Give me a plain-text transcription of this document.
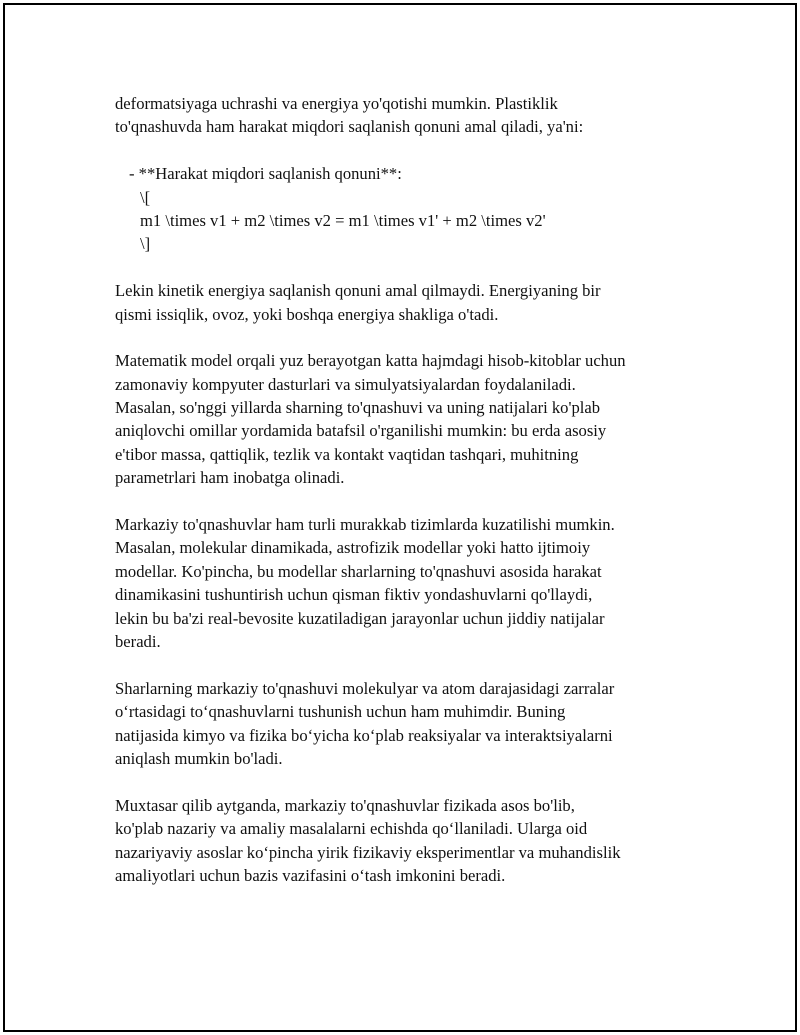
deformatsiyaga uchrashi va energiya yo'qotishi mumkin. Plastiklik
to'qnashuvda ham harakat miqdori saqlanish qonuni amal qiladi, ya'ni:
- **Harakat miqdori saqlanish qonuni**:
\[
m1 \times v1 + m2 \times v2 = m1 \times v1' + m2 \times v2'
\]
Lekin kinetik energiya saqlanish qonuni amal qilmaydi. Energiyaning bir
qismi issiqlik, ovoz, yoki boshqa energiya shakliga o'tadi.
Matematik model orqali yuz berayotgan katta hajmdagi hisob-kitoblar uchun
zamonaviy kompyuter dasturlari va simulyatsiyalardan foydalaniladi.
Masalan, so'nggi yillarda sharning to'qnashuvi va uning natijalari ko'plab
aniqlovchi omillar yordamida batafsil o'rganilishi mumkin: bu erda asosiy
e'tibor massa, qattiqlik, tezlik va kontakt vaqtidan tashqari, muhitning
parametrlari ham inobatga olinadi.
Markaziy to'qnashuvlar ham turli murakkab tizimlarda kuzatilishi mumkin.
Masalan, molekular dinamikada, astrofizik modellar yoki hatto ijtimoiy
modellar. Ko'pincha, bu modellar sharlarning to'qnashuvi asosida harakat
dinamikasini tushuntirish uchun qisman fiktiv yondashuvlarni qo'llaydi,
lekin bu ba'zi real-bevosite kuzatiladigan jarayonlar uchun jiddiy natijalar
beradi.
Sharlarning markaziy to'qnashuvi molekulyar va atom darajasidagi zarralar
o‘rtasidagi to‘qnashuvlarni tushunish uchun ham muhimdir. Buning
natijasida kimyo va fizika bo‘yicha ko‘plab reaksiyalar va interaktsiyalarni
aniqlash mumkin bo'ladi.
Muxtasar qilib aytganda, markaziy to'qnashuvlar fizikada asos bo'lib,
ko'plab nazariy va amaliy masalalarni echishda qo‘llaniladi. Ularga oid
nazariyaviy asoslar ko‘pincha yirik fizikaviy eksperimentlar va muhandislik
amaliyotlari uchun bazis vazifasini o‘tash imkonini beradi.
